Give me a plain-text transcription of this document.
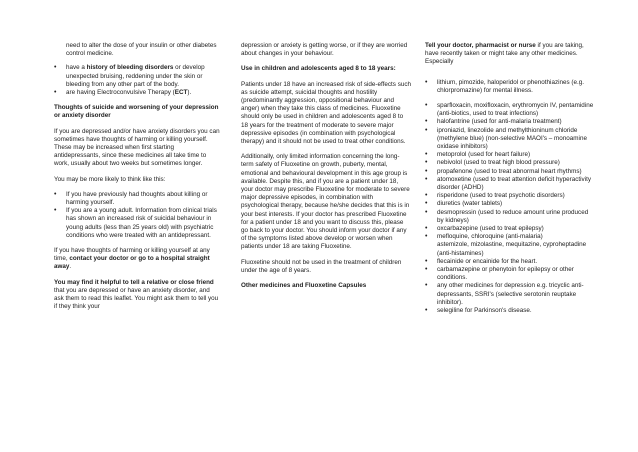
need to alter the dose of your insulin or other diabetes control medicine.
• have a history of bleeding disorders or develop unexpected bruising, reddening under the skin or bleeding from any other part of the body.
• are having Electroconvulsive Therapy (ECT).

Thoughts of suicide and worsening of your depression or anxiety disorder

If you are depressed and/or have anxiety disorders you can sometimes have thoughts of harming or killing yourself. These may be increased when first starting antidepressants, since these medicines all take time to work, usually about two weeks but sometimes longer.

You may be more likely to think like this:

• If you have previously had thoughts about killing or harming yourself.
• If you are a young adult. Information from clinical trials has shown an increased risk of suicidal behaviour in young adults (less than 25 years old) with psychiatric conditions who were treated with an antidepressant.

If you have thoughts of harming or killing yourself at any time, contact your doctor or go to a hospital straight away.

You may find it helpful to tell a relative or close friend that you are depressed or have an anxiety disorder, and ask them to read this leaflet. You might ask them to tell you if they think your

depression or anxiety is getting worse, or if they are worried about changes in your behaviour.

Use in children and adolescents aged 8 to 18 years:

Patients under 18 have an increased risk of side-effects such as suicide attempt, suicidal thoughts and hostility (predominantly aggression, oppositional behaviour and anger) when they take this class of medicines. Fluoxetine should only be used in children and adolescents aged 8 to 18 years for the treatment of moderate to severe major depressive episodes (in combination with psychological therapy) and it should not be used to treat other conditions.

Additionally, only limited information concerning the long-term safety of Fluoxetine on growth, puberty, mental, emotional and behavioural development in this age group is available. Despite this, and if you are a patient under 18, your doctor may prescribe Fluoxetine for moderate to severe major depressive episodes, in combination with psychological therapy, because he/she decides that this is in your best interests. If your doctor has prescribed Fluoxetine for a patient under 18 and you want to discuss this, please go back to your doctor. You should inform your doctor if any of the symptoms listed above develop or worsen when patients under 18 are taking Fluoxetine.

Fluoxetine should not be used in the treatment of children under the age of 8 years.

Other medicines and Fluoxetine Capsules

Tell your doctor, pharmacist or nurse if you are taking, have recently taken or might take any other medicines. Especially

• lithium, pimozide, haloperidol or phenothiazines (e.g. chlorpromazine) for mental illness.
• sparfloxacin, moxifloxacin, erythromycin IV, pentamidine (anti-biotics, used to treat infections)
• halofantrine (used for anti-malaria treatment)
• iproniazid, linezolide and methylthioninum chloride (methylene blue) (non-selective MAOI's – monoamine oxidase inhibitors)
• metoprolol (used for heart failure)
• nebivolol (used to treat high blood pressure)
• propafenone (used to treat abnormal heart rhythms)
• atomoxetine (used to treat attention deficit hyperactivity disorder (ADHD)
• risperidone (used to treat psychotic disorders)
• diuretics (water tablets)
• desmopressin (used to reduce amount urine produced by kidneys)
• oxcarbazepine (used to treat epilepsy)
• mefloquine, chloroquine (anti-malaria)
astemizole, mizolastine, mequitazine, cyproheptadine (anti-histamines)
• flecainide or encainide for the heart.
• carbamazepine or phenytoin for epilepsy or other conditions.
• any other medicines for depression e.g. tricyclic anti-depressants, SSRI's (selective serotonin reuptake inhibitor).
• selegiline for Parkinson's disease.
